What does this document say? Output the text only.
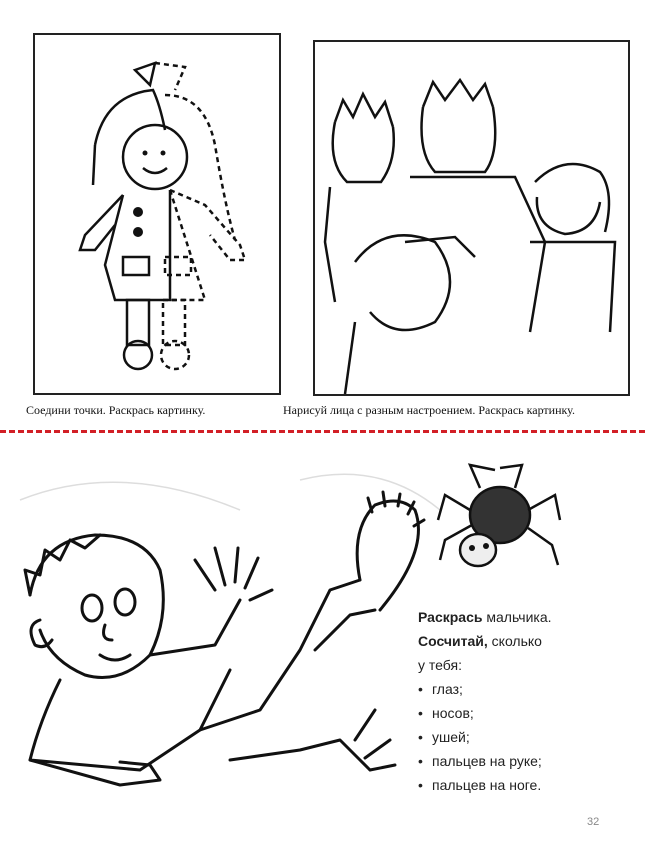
Соедини точки. Раскрась картинку.	Нарисуй лица с разным настроением. Раскрась картинку.
Раскрась мальчика.
Сосчитай, сколько
у тебя:
• глаз;
• носов;
• ушей;
• пальцев на руке;
• пальцев на ноге.
32
